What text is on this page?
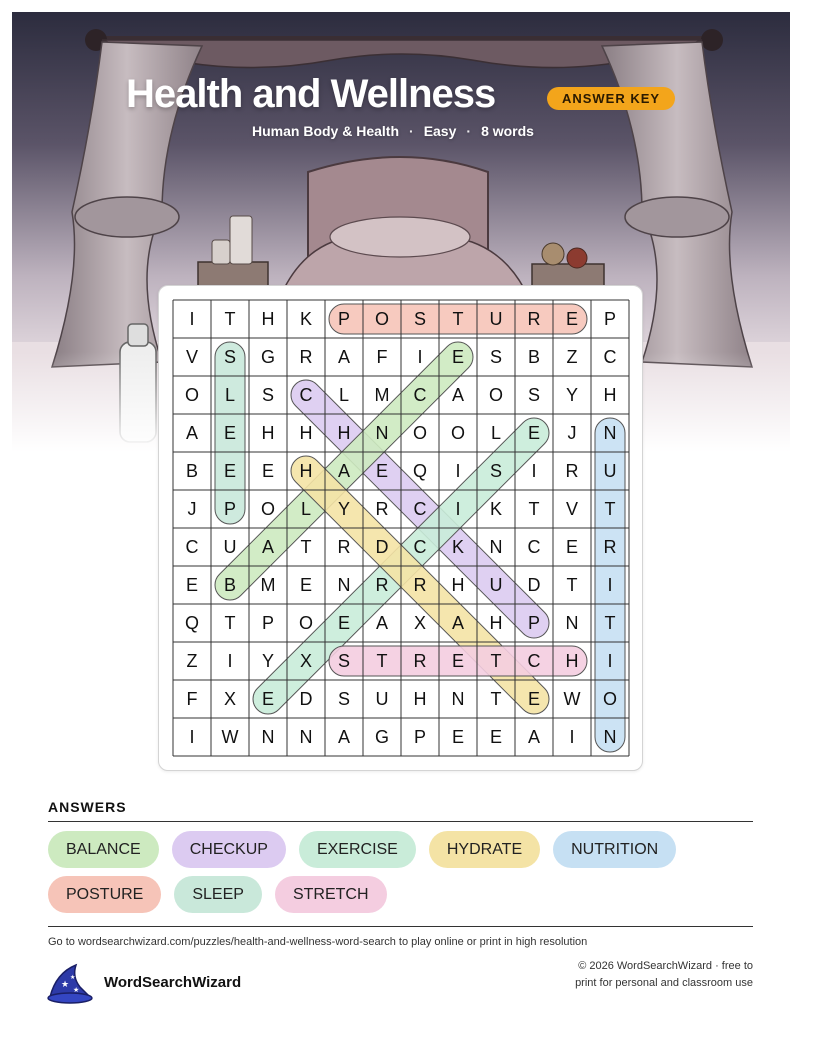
Health and Wellness	ANSWER KEY
Human Body & Health · Easy · 8 words
I T H K P O S T U R E P
V S G R A F I E S B Z C
O L S C L M C A O S Y H
A E H H H N O O L E J N
B E E H A E Q I S I R U
J P O L Y R C I K T V T
C U A T R D C K N C E R
E B M E N R R H U D T I
Q T P O E A X A H P N T
Z I Y X S T R E T C H I
F X E D S U H N T E W O
I W N N A G P E E A I N
ANSWERS
BALANCE	CHECKUP	EXERCISE	HYDRATE	NUTRITION
POSTURE	SLEEP	STRETCH
Go to wordsearchwizard.com/puzzles/health-and-wellness-word-search to play online or print in high resolution
★
★
★ WordSearchWizard
© 2026 WordSearchWizard · free to print for personal and classroom use
